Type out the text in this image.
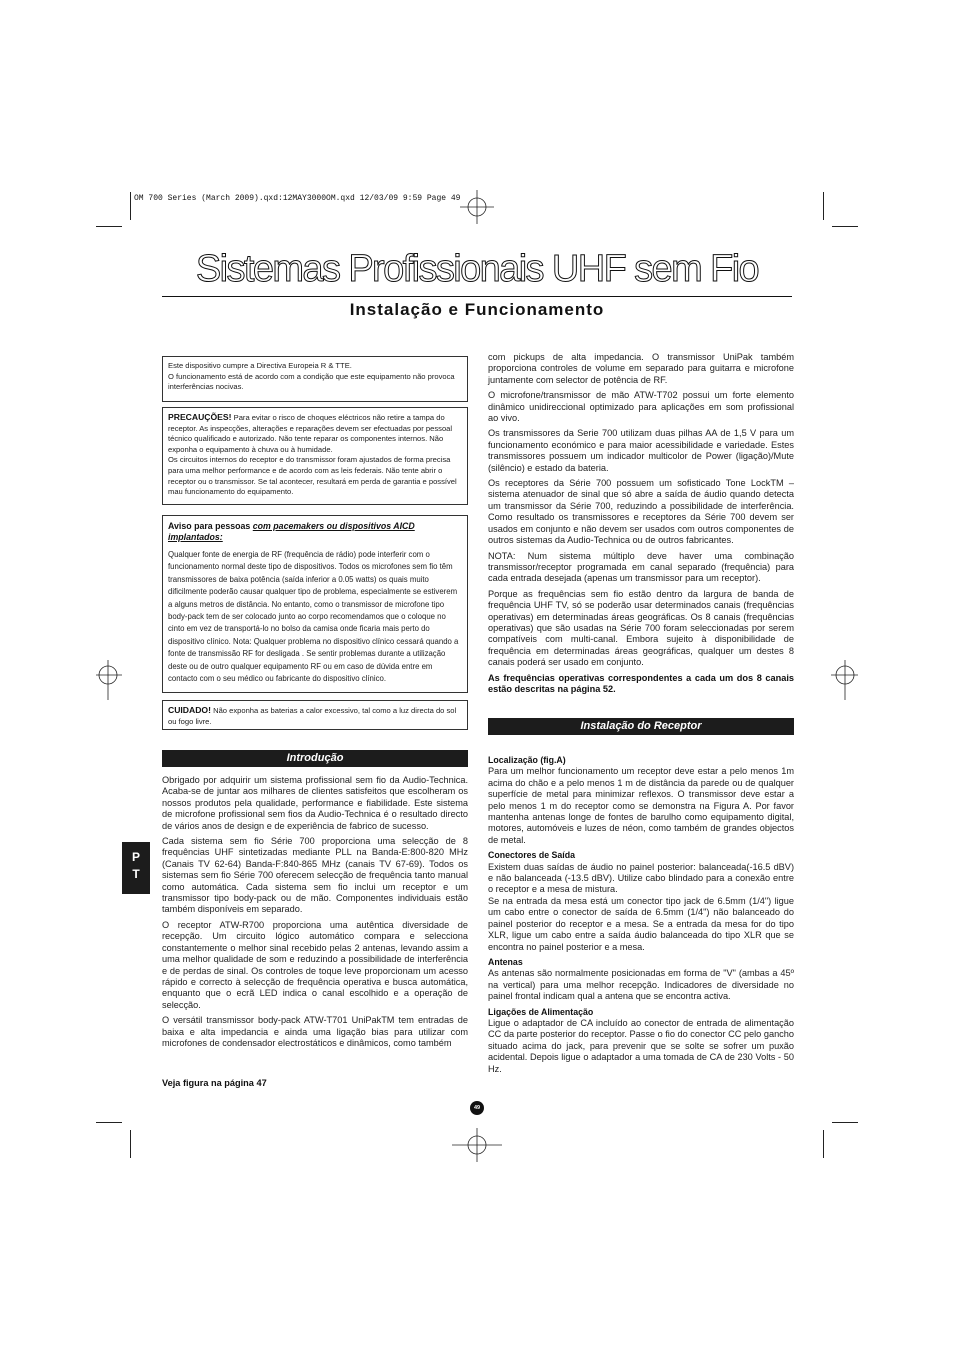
OM 700 Series (March 2009).qxd:12MAY3000OM.qxd 12/03/09 9:59 Page 49
Sistemas Profissionais UHF sem Fio
Instalação e Funcionamento
Este dispositivo cumpre a Directiva Europeia R & TTE.
O funcionamento está de acordo com a condição que este equipamento não provoca interferências nocivas.
PRECAUÇÕES! Para evitar o risco de choques eléctricos não retire a tampa do receptor. As inspecções, alterações e reparações devem ser efectuadas por pessoal técnico qualificado e autorizado. Não tente reparar os componentes internos. Não exponha o equipamento à chuva ou à humidade.
Os circuitos internos do receptor e do transmissor foram ajustados de forma precisa para uma melhor performance e de acordo com as leis federais. Não tente abrir o receptor ou o transmissor. Se tal acontecer, resultará em perda de garantia e possível mau funcionamento do equipamento.
Aviso para pessoas com pacemakers ou dispositivos AICD implantados:
Qualquer fonte de energia de RF (frequência de rádio) pode interferir com o funcionamento normal deste tipo de dispositivos. Todos os microfones sem fio têm transmissores de baixa potência (saída inferior a 0.05 watts) os quais muito dificilmente poderão causar qualquer tipo de problema, especialmente se estiverem a alguns metros de distância. No entanto, como o transmissor de microfone tipo body-pack tem de ser colocado junto ao corpo recomendamos que o coloque no cinto em vez de transportá-lo no bolso da camisa onde ficaria mais perto do dispositivo clínico. Nota: Qualquer problema no dispositivo clínico cessará quando a fonte de transmissão RF for desligada . Se sentir problemas durante a utilização deste ou de outro qualquer equipamento RF ou em caso de dúvida entre em contacto com o seu médico ou fabricante do dispositivo clínico.
CUIDADO! Não exponha as baterias a calor excessivo, tal como a luz directa do sol ou fogo livre.
Introdução

Obrigado por adquirir um sistema profissional sem fio da Audio-Technica. Acaba-se de juntar aos milhares de clientes satisfeitos que escolheram os nossos produtos pela qualidade, performance e fiabilidade. Este sistema de microfone profissional sem fios da Audio-Technica é o resultado directo de vários anos de design e de experiência de fabrico de sucesso.

Cada sistema sem fio Série 700 proporciona uma selecção de 8 frequências UHF sintetizadas mediante PLL na Banda-E:800-820 MHz (Canais TV 62-64) Banda-F:840-865 MHz (canais TV 67-69). Todos os sistemas sem fio Série 700 oferecem selecção de frequência tanto manual como automática. Cada sistema sem fio inclui um receptor e um transmissor tipo body-pack ou de mão. Componentes individuais estão também disponíveis em separado.

O receptor ATW-R700 proporciona uma autêntica diversidade de recepção. Um circuito lógico automático compara e selecciona constantemente o melhor sinal recebido pelas 2 antenas, levando assim a uma melhor qualidade de som e reduzindo a possibilidade de interferência e de perdas de sinal. Os controles de toque leve proporcionam um acesso rápido e correcto à selecção de frequência operativa e busca automática, enquanto que o ecrã LED indica o canal escolhido e a operação de selecção.

O versátil transmissor body-pack ATW-T701 UniPakTM tem entradas de baixa e alta impedancia e ainda uma ligação bias para utilizar com microfones de condensador electrostáticos e dinâmicos, como também

Veja figura na página 47
P
T

com pickups de alta impedancia. O transmissor UniPak também proporciona controles de volume em separado para guitarra e microfone juntamente com selector de potência de RF.

O microfone/transmissor de mão ATW-T702 possui um forte elemento dinâmico unidireccional optimizado para aplicações em som profissional ao vivo.

Os transmissores da Serie 700 utilizam duas pilhas AA de 1,5 V para um funcionamento económico e para maior acessibilidade e variedade. Estes transmissores possuem um indicador multicolor de Power (ligação)/Mute (silêncio) e estado da bateria.

Os receptores da Série 700 possuem um sofisticado Tone LockTM – sistema atenuador de sinal que só abre a saída de áudio quando detecta um transmissor da Série 700, reduzindo a possibilidade de interferência. Como resultado os transmissores e receptores da Série 700 devem ser usados em conjunto e não devem ser usados com outros componentes de outros sistemas da Audio-Technica ou de outros fabricantes.

NOTA: Num sistema múltiplo deve haver uma combinação transmissor/receptor programada em canal separado (frequência) para cada entrada desejada (apenas um transmissor para um receptor).

Porque as frequências sem fio estão dentro da largura de banda de frequência UHF TV, só se poderão usar determinados canais (frequências operativas) em determinadas áreas geográficas. Os 8 canais (frequências operativas) que são usadas na Série 700 foram seleccionadas por serem compatíveis com multi-canal. Embora sujeito à disponibilidade de frequência em determinadas áreas geográficas, qualquer um destes 8 canais poderá ser usado em conjunto.

As frequências operativas correspondentes a cada um dos 8 canais estão descritas na página 52.

Instalação do Receptor
Localização (fig.A)

Para um melhor funcionamento um receptor deve estar a pelo menos 1m acima do chão e a pelo menos 1 m de distância da parede ou de qualquer superfície de metal para minimizar reflexos. O transmissor deve estar a pelo menos 1 m do receptor como se demonstra na Figura A. Por favor mantenha antenas longe de fontes de barulho como equipamento digital, motores, automóveis e luzes de néon, como também de grandes objectos de metal.

Conectores de Saída

Existem duas saídas de áudio no painel posterior: balanceada(-16.5 dBV) e não balanceada (-13.5 dBV). Utilize cabo blindado para a conexão entre o receptor e a mesa de mistura.

Se na entrada da mesa está um conector tipo jack de 6.5mm (1/4") ligue um cabo entre o conector de saída de 6.5mm (1/4") não balanceado do painel posterior do receptor e a mesa. Se a entrada da mesa for do tipo XLR, ligue um cabo entre a saída áudio balanceada do tipo XLR que se encontra no painel posterior e a mesa.

Antenas

As antenas são normalmente posicionadas em forma de "V" (ambas a 45º na vertical) para uma melhor recepção. Indicadores de diversidade no painel frontal indicam qual a antena que se encontra activa.

Ligações de Alimentação

Ligue o adaptador de CA incluído ao conector de entrada de alimentação CC da parte posterior do receptor. Passe o fio do conector CC pelo gancho situado acima do jack, para prevenir que se solte se sofrer um puxão acidental. Depois ligue o adaptador a uma tomada de CA de 230 Volts - 50 Hz.

49
